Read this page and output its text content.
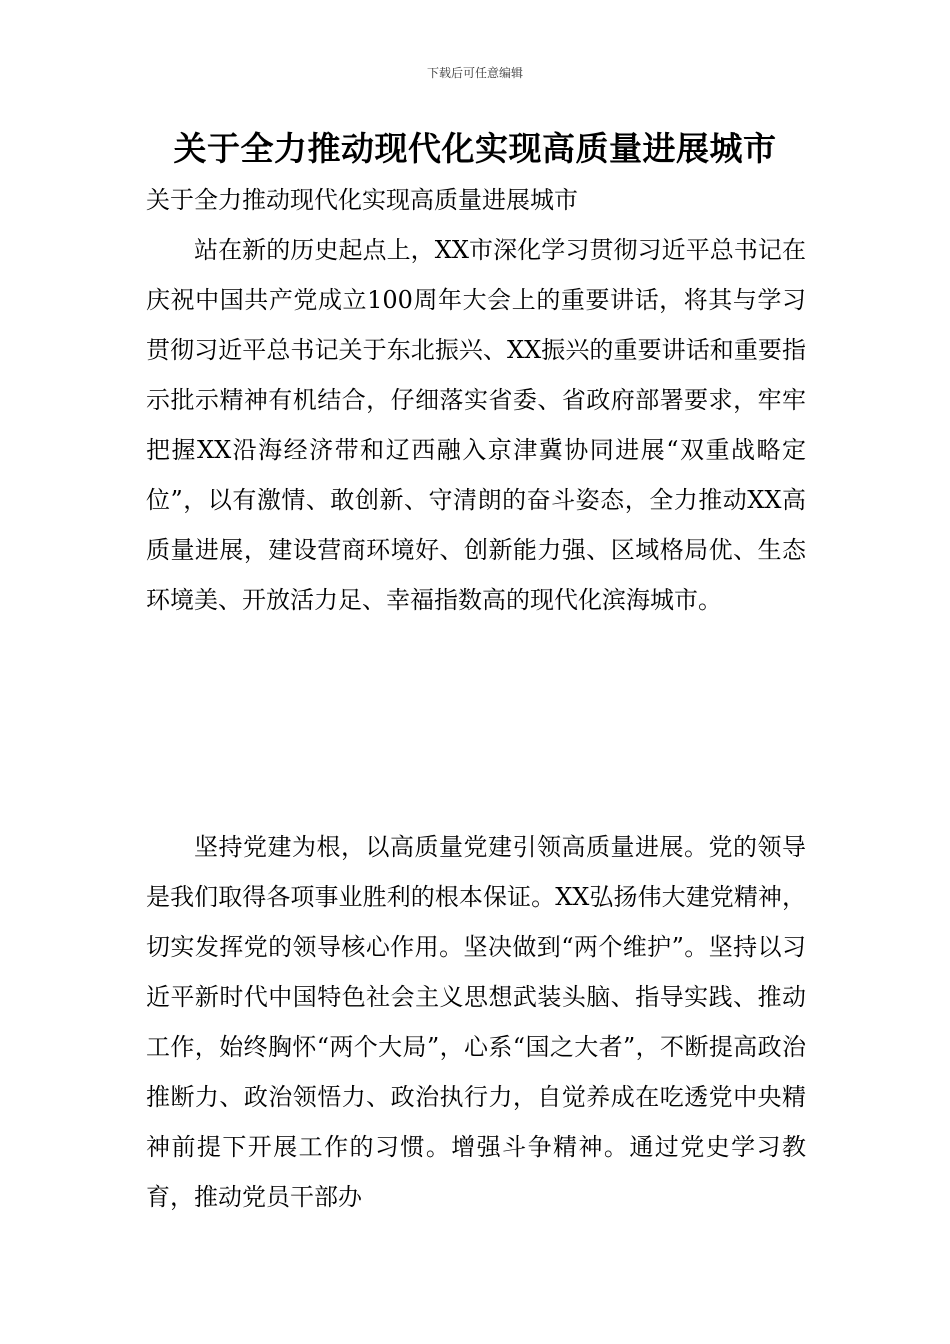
下载后可任意编辑
关于全力推动现代化实现高质量进展城市
关于全力推动现代化实现高质量进展城市

站在新的历史起点上，XX市深化学习贯彻习近平总书记在庆祝中国共产党成立100周年大会上的重要讲话，将其与学习贯彻习近平总书记关于东北振兴、XX振兴的重要讲话和重要指示批示精神有机结合，仔细落实省委、省政府部署要求，牢牢把握XX沿海经济带和辽西融入京津冀协同进展“双重战略定位”，以有激情、敢创新、守清朗的奋斗姿态，全力推动XX高质量进展，建设营商环境好、创新能力强、区域格局优、生态环境美、开放活力足、幸福指数高的现代化滨海城市。

坚持党建为根，以高质量党建引领高质量进展。党的领导是我们取得各项事业胜利的根本保证。XX弘扬伟大建党精神，切实发挥党的领导核心作用。坚决做到“两个维护”。坚持以习近平新时代中国特色社会主义思想武装头脑、指导实践、推动工作，始终胸怀“两个大局”，心系“国之大者”，不断提高政治推断力、政治领悟力、政治执行力，自觉养成在吃透党中央精神前提下开展工作的习惯。增强斗争精神。通过党史学习教育，推动党员干部办
